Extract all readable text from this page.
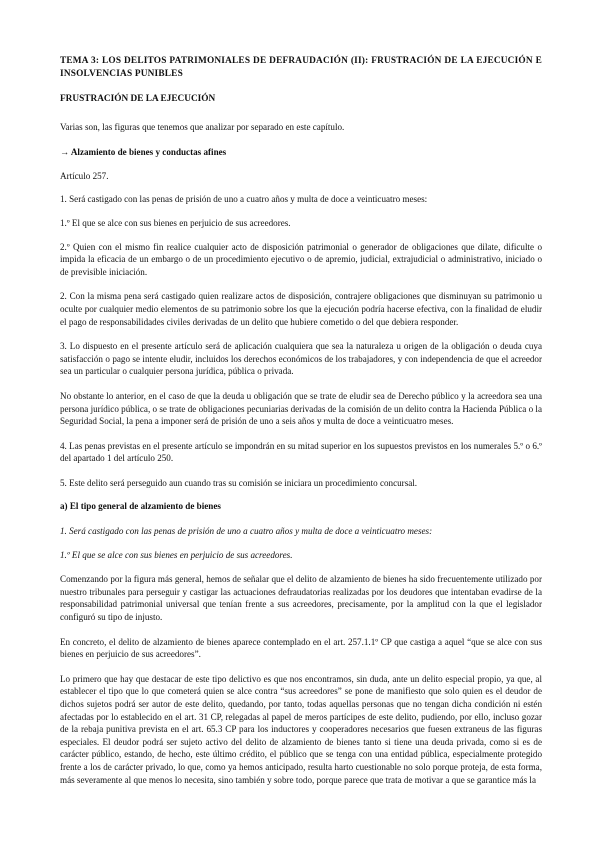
TEMA 3: LOS DELITOS PATRIMONIALES DE DEFRAUDACIÓN (II): FRUSTRACIÓN DE LA EJECUCIÓN E INSOLVENCIAS PUNIBLES
FRUSTRACIÓN DE LA EJECUCIÓN

Varias son, las figuras que tenemos que analizar por separado en este capítulo.

→ Alzamiento de bienes y conductas afines

Artículo 257.

1. Será castigado con las penas de prisión de uno a cuatro años y multa de doce a veinticuatro meses:

1.º El que se alce con sus bienes en perjuicio de sus acreedores.

2.º Quien con el mismo fin realice cualquier acto de disposición patrimonial o generador de obligaciones que dilate, dificulte o impida la eficacia de un embargo o de un procedimiento ejecutivo o de apremio, judicial, extrajudicial o administrativo, iniciado o de previsible iniciación.

2. Con la misma pena será castigado quien realizare actos de disposición, contrajere obligaciones que disminuyan su patrimonio u oculte por cualquier medio elementos de su patrimonio sobre los que la ejecución podría hacerse efectiva, con la finalidad de eludir el pago de responsabilidades civiles derivadas de un delito que hubiere cometido o del que debiera responder.

3. Lo dispuesto en el presente artículo será de aplicación cualquiera que sea la naturaleza u origen de la obligación o deuda cuya satisfacción o pago se intente eludir, incluidos los derechos económicos de los trabajadores, y con independencia de que el acreedor sea un particular o cualquier persona jurídica, pública o privada.

No obstante lo anterior, en el caso de que la deuda u obligación que se trate de eludir sea de Derecho público y la acreedora sea una persona jurídico pública, o se trate de obligaciones pecuniarias derivadas de la comisión de un delito contra la Hacienda Pública o la Seguridad Social, la pena a imponer será de prisión de uno a seis años y multa de doce a veinticuatro meses.

4. Las penas previstas en el presente artículo se impondrán en su mitad superior en los supuestos previstos en los numerales 5.º o 6.º del apartado 1 del artículo 250.

5. Este delito será perseguido aun cuando tras su comisión se iniciara un procedimiento concursal.

a) El tipo general de alzamiento de bienes

1. Será castigado con las penas de prisión de uno a cuatro años y multa de doce a veinticuatro meses:

1.º El que se alce con sus bienes en perjuicio de sus acreedores.

Comenzando por la figura más general, hemos de señalar que el delito de alzamiento de bienes ha sido frecuentemente utilizado por nuestro tribunales para perseguir y castigar las actuaciones defraudatorias realizadas por los deudores que intentaban evadirse de la responsabilidad patrimonial universal que tenían frente a sus acreedores, precisamente, por la amplitud con la que el legislador configuró su tipo de injusto.

En concreto, el delito de alzamiento de bienes aparece contemplado en el art. 257.1.1º CP que castiga a aquel “que se alce con sus bienes en perjuicio de sus acreedores”.

Lo primero que hay que destacar de este tipo delictivo es que nos encontramos, sin duda, ante un delito especial propio, ya que, al establecer el tipo que lo que cometerá quien se alce contra “sus acreedores” se pone de manifiesto que solo quien es el deudor de dichos sujetos podrá ser autor de este delito, quedando, por tanto, todas aquellas personas que no tengan dicha condición ni estén afectadas por lo establecido en el art. 31 CP, relegadas al papel de meros partícipes de este delito, pudiendo, por ello, incluso gozar de la rebaja punitiva prevista en el art. 65.3 CP para los inductores y cooperadores necesarios que fuesen extraneus de las figuras especiales. El deudor podrá ser sujeto activo del delito de alzamiento de bienes tanto si tiene una deuda privada, como si es de carácter público, estando, de hecho, este último crédito, el público que se tenga con una entidad pública, especialmente protegido frente a los de carácter privado, lo que, como ya hemos anticipado, resulta harto cuestionable no solo porque proteja, de esta forma, más severamente al que menos lo necesita, sino también y sobre todo, porque parece que trata de motivar a que se garantice más la
